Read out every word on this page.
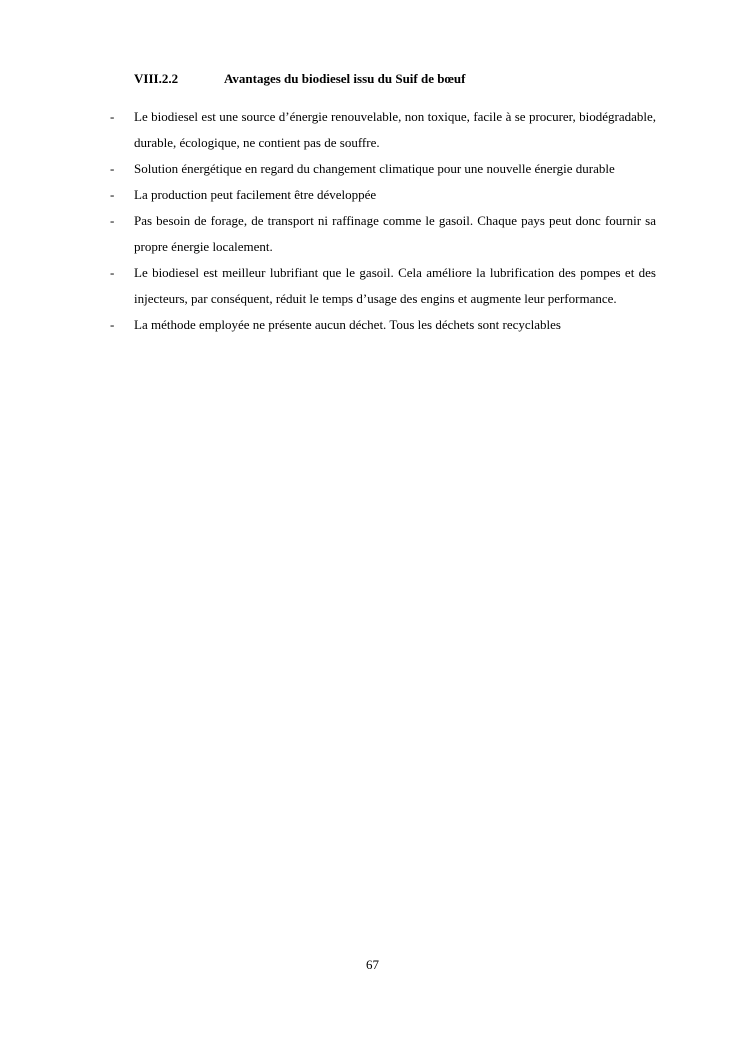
VIII.2.2	Avantages du biodiesel issu du Suif de bœuf
- Le biodiesel est une source d’énergie renouvelable, non toxique, facile à se procurer, biodégradable, durable, écologique, ne contient pas de souffre.
- Solution énergétique en regard du changement climatique pour une nouvelle énergie durable
- La production peut facilement être développée
- Pas besoin de forage, de transport ni raffinage comme le gasoil. Chaque pays peut donc fournir sa propre énergie localement.
- Le biodiesel est meilleur lubrifiant que le gasoil. Cela améliore la lubrification des pompes et des injecteurs, par conséquent, réduit le temps d’usage des engins et augmente leur performance.
- La méthode employée ne présente aucun déchet. Tous les déchets sont recyclables
67
